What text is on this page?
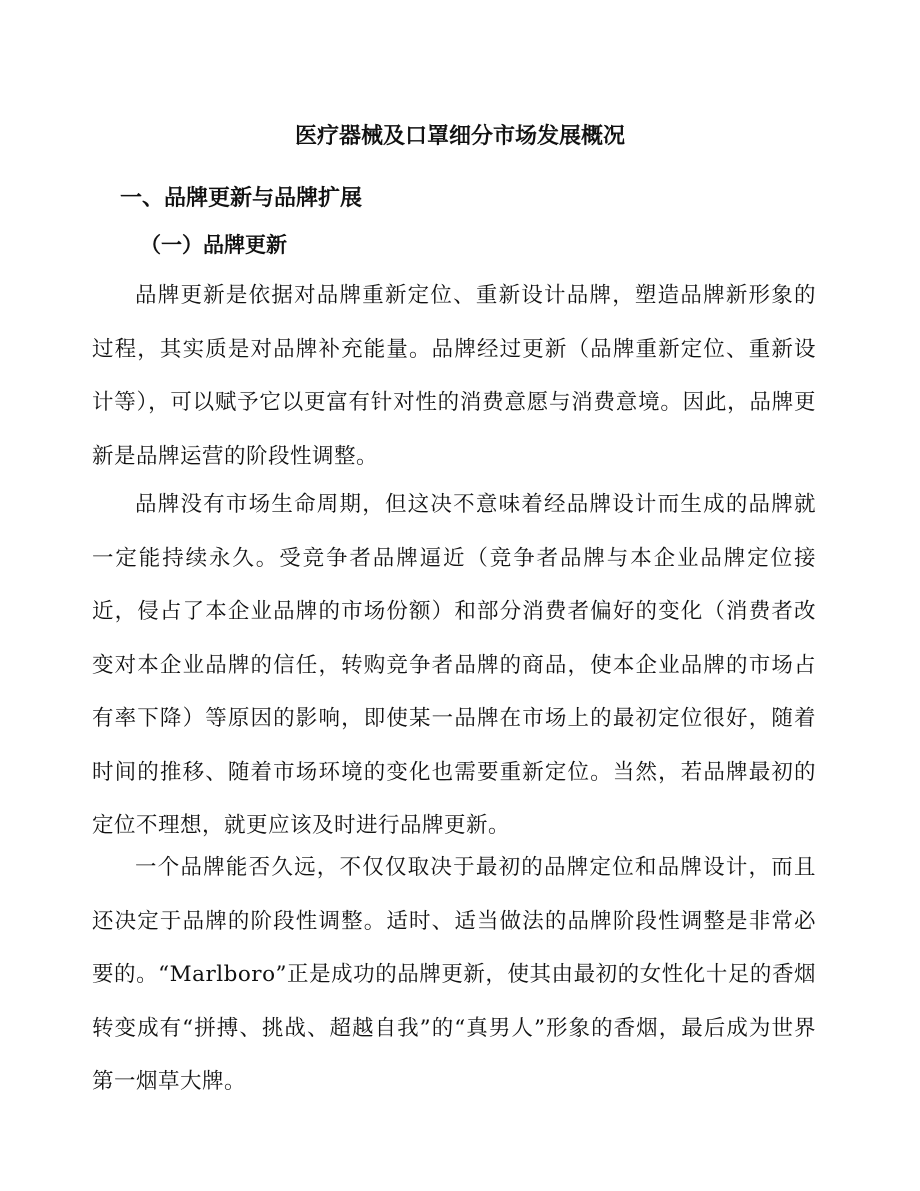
医疗器械及口罩细分市场发展概况
一、品牌更新与品牌扩展
（一）品牌更新

品牌更新是依据对品牌重新定位、重新设计品牌，塑造品牌新形象的过程，其实质是对品牌补充能量。品牌经过更新（品牌重新定位、重新设计等），可以赋予它以更富有针对性的消费意愿与消费意境。因此，品牌更新是品牌运营的阶段性调整。

品牌没有市场生命周期，但这决不意味着经品牌设计而生成的品牌就一定能持续永久。受竞争者品牌逼近（竞争者品牌与本企业品牌定位接近，侵占了本企业品牌的市场份额）和部分消费者偏好的变化（消费者改变对本企业品牌的信任，转购竞争者品牌的商品，使本企业品牌的市场占有率下降）等原因的影响，即使某一品牌在市场上的最初定位很好，随着时间的推移、随着市场环境的变化也需要重新定位。当然，若品牌最初的定位不理想，就更应该及时进行品牌更新。

一个品牌能否久远，不仅仅取决于最初的品牌定位和品牌设计，而且还决定于品牌的阶段性调整。适时、适当做法的品牌阶段性调整是非常必要的。“Marlboro”正是成功的品牌更新，使其由最初的女性化十足的香烟转变成有“拼搏、挑战、超越自我”的“真男人”形象的香烟，最后成为世界第一烟草大牌。
